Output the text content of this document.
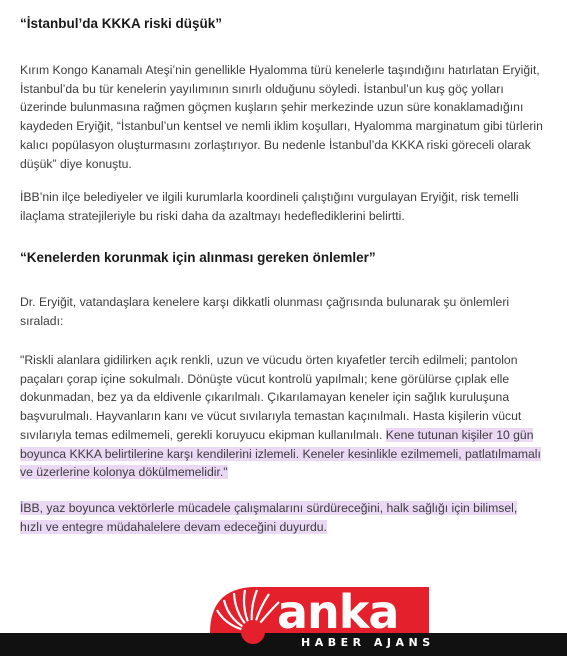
“İstanbul’da KKKA riski düşük”

Kırım Kongo Kanamalı Ateşi’nin genellikle Hyalomma türü kenelerle taşındığını hatırlatan Eryiğit, İstanbul’da bu tür kenelerin yayılımının sınırlı olduğunu söyledi. İstanbul’un kuş göç yolları üzerinde bulunmasına rağmen göçmen kuşların şehir merkezinde uzun süre konaklamadığını kaydeden Eryiğit, “İstanbul’un kentsel ve nemli iklim koşulları, Hyalomma marginatum gibi türlerin kalıcı popülasyon oluşturmasını zorlaştırıyor. Bu nedenle İstanbul’da KKKA riski göreceli olarak düşük” diye konuştu.

İBB’nin ilçe belediyeler ve ilgili kurumlarla koordineli çalıştığını vurgulayan Eryiğit, risk temelli ilaçlama stratejileriyle bu riski daha da azaltmayı hedeflediklerini belirtti.

“Kenelerden korunmak için alınması gereken önlemler”

Dr. Eryiğit, vatandaşlara kenelere karşı dikkatli olunması çağrısında bulunarak şu önlemleri sıraladı:

"Riskli alanlara gidilirken açık renkli, uzun ve vücudu örten kıyafetler tercih edilmeli; pantolon paçaları çorap içine sokulmalı. Dönüşte vücut kontrolü yapılmalı; kene görülürse çıplak elle dokunmadan, bez ya da eldivenle çıkarılmalı. Çıkarılamayan keneler için sağlık kuruluşuna başvurulmalı. Hayvanların kanı ve vücut sıvılarıyla temastan kaçınılmalı. Hasta kişilerin vücut sıvılarıyla temas edilmemeli, gerekli koruyucu ekipman kullanılmalı. Kene tutunan kişiler 10 gün boyunca KKKA belirtilerine karşı kendilerini izlemeli. Keneler kesinlikle ezilmemeli, patlatılmamalı ve üzerlerine kolonya dökülmemelidir."

İBB, yaz boyunca vektörlerle mücadele çalışmalarını sürdüreceğini, halk sağlığı için bilimsel, hızlı ve entegre müdahalelere devam edeceğini duyurdu.

anka
HABER AJANSI
